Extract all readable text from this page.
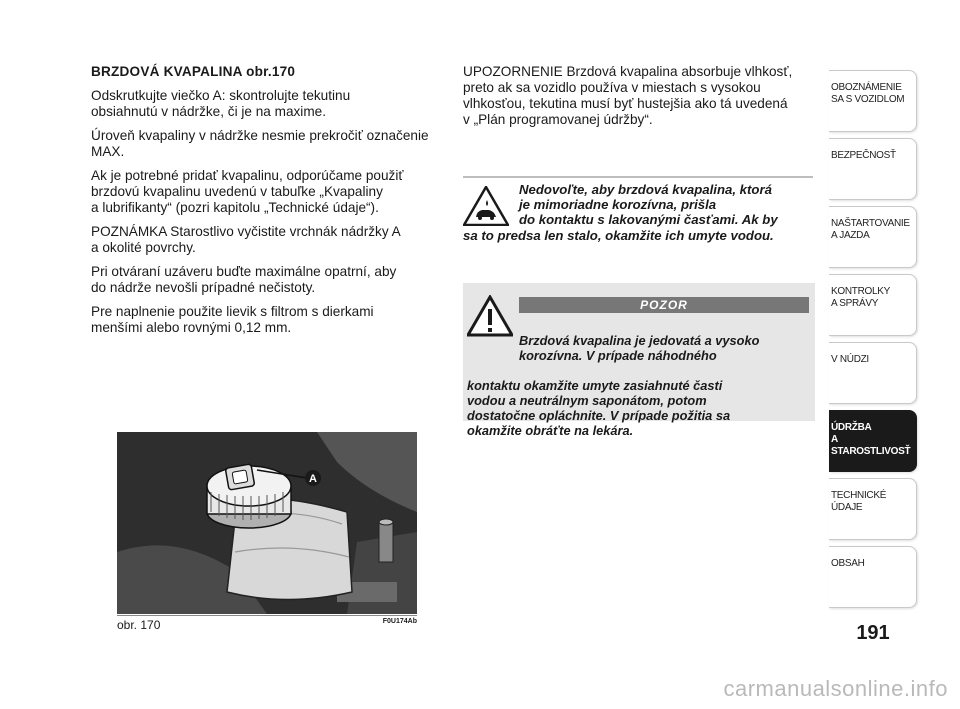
BRZDOVÁ KVAPALINA obr.170

Odskrutkujte viečko A: skontrolujte tekutinu
obsiahnutú v nádržke, či je na maxime.

Úroveň kvapaliny v nádržke nesmie prekročiť označenie
MAX.

Ak je potrebné pridať kvapalinu, odporúčame použiť
brzdovú kvapalinu uvedenú v tabuľke „Kvapaliny
a lubrifikanty“ (pozri kapitolu „Technické údaje“).

POZNÁMKA Starostlivo vyčistite vrchnák nádržky A
a okolité povrchy.

Pri otváraní uzáveru buďte maximálne opatrní, aby
do nádrže nevošli prípadné nečistoty.

Pre naplnenie použite lievik s filtrom s dierkami
menšími alebo rovnými 0,12 mm.

UPOZORNENIE Brzdová kvapalina absorbuje vlhkosť,
preto ak sa vozidlo používa v miestach s vysokou
vlhkosťou, tekutina musí byť hustejšia ako tá uvedená
v „Plán programovanej údržby“.

Nedovoľte, aby brzdová kvapalina, ktorá
je mimoriadne korozívna, prišla
do kontaktu s lakovanými časťami. Ak by
sa to predsa len stalo, okamžite ich umyte vodou.
POZOR

Brzdová kvapalina je jedovatá a vysoko
korozívna. V prípade náhodného

kontaktu okamžite umyte zasiahnuté časti
vodou a neutrálnym saponátom, potom
dostatočne opláchnite. V prípade požitia sa
okamžite obráťte na lekára.

A
obr. 170	F0U174Ab
OBOZNÁMENIE
SA S VOZIDLOM
BEZPEČNOSŤ
NAŠTARTOVANIE
A JAZDA
KONTROLKY
A SPRÁVY
V NÚDZI
ÚDRŽBA
A STAROSTLIVOSŤ
TECHNICKÉ
ÚDAJE
OBSAH
191
carmanualsonline.info
